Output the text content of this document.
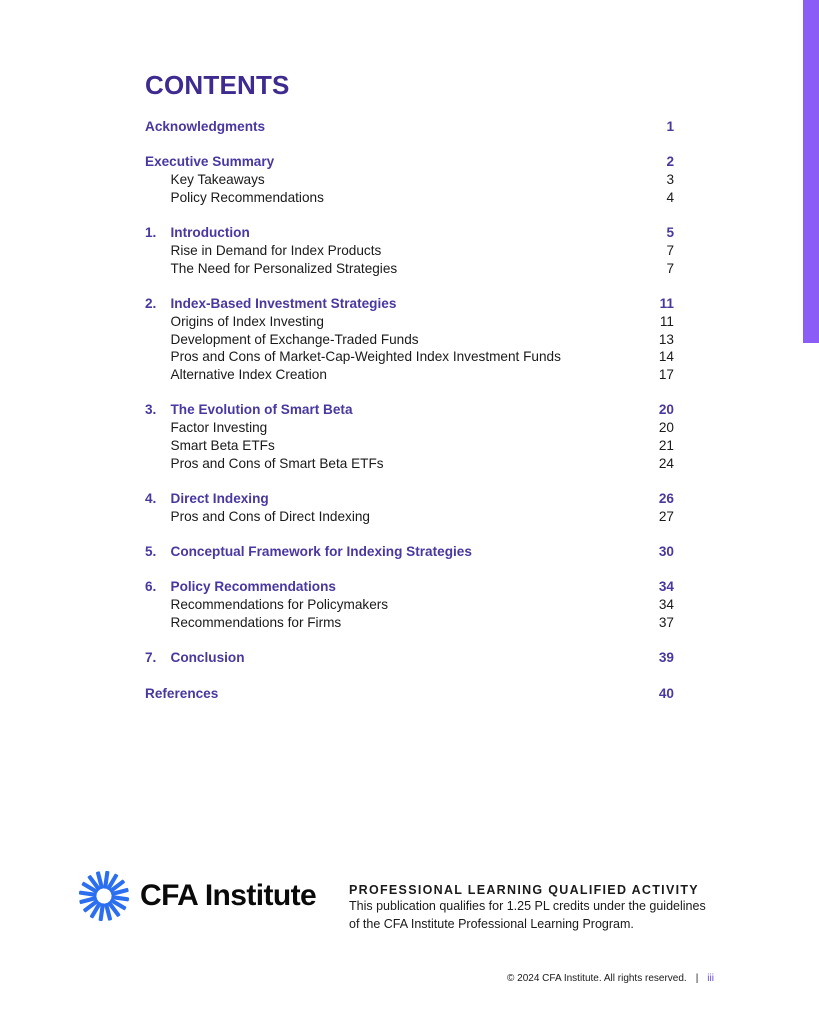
CONTENTS
Acknowledgments	1
Executive Summary	2
Key Takeaways	3
Policy Recommendations	4
1.	Introduction	5
Rise in Demand for Index Products	7
The Need for Personalized Strategies	7
2.	Index-Based Investment Strategies	11
Origins of Index Investing	11
Development of Exchange-Traded Funds	13
Pros and Cons of Market-Cap-Weighted Index Investment Funds	14
Alternative Index Creation	17
3.	The Evolution of Smart Beta	20
Factor Investing	20
Smart Beta ETFs	21
Pros and Cons of Smart Beta ETFs	24
4.	Direct Indexing	26
Pros and Cons of Direct Indexing	27
5.	Conceptual Framework for Indexing Strategies	30
6.	Policy Recommendations	34
Recommendations for Policymakers	34
Recommendations for Firms	37
7.	Conclusion	39
References	40
CFA Institute	PROFESSIONAL LEARNING QUALIFIED ACTIVITY
This publication qualifies for 1.25 PL credits under the guidelines
of the CFA Institute Professional Learning Program.
© 2024 CFA Institute. All rights reserved. | iii
